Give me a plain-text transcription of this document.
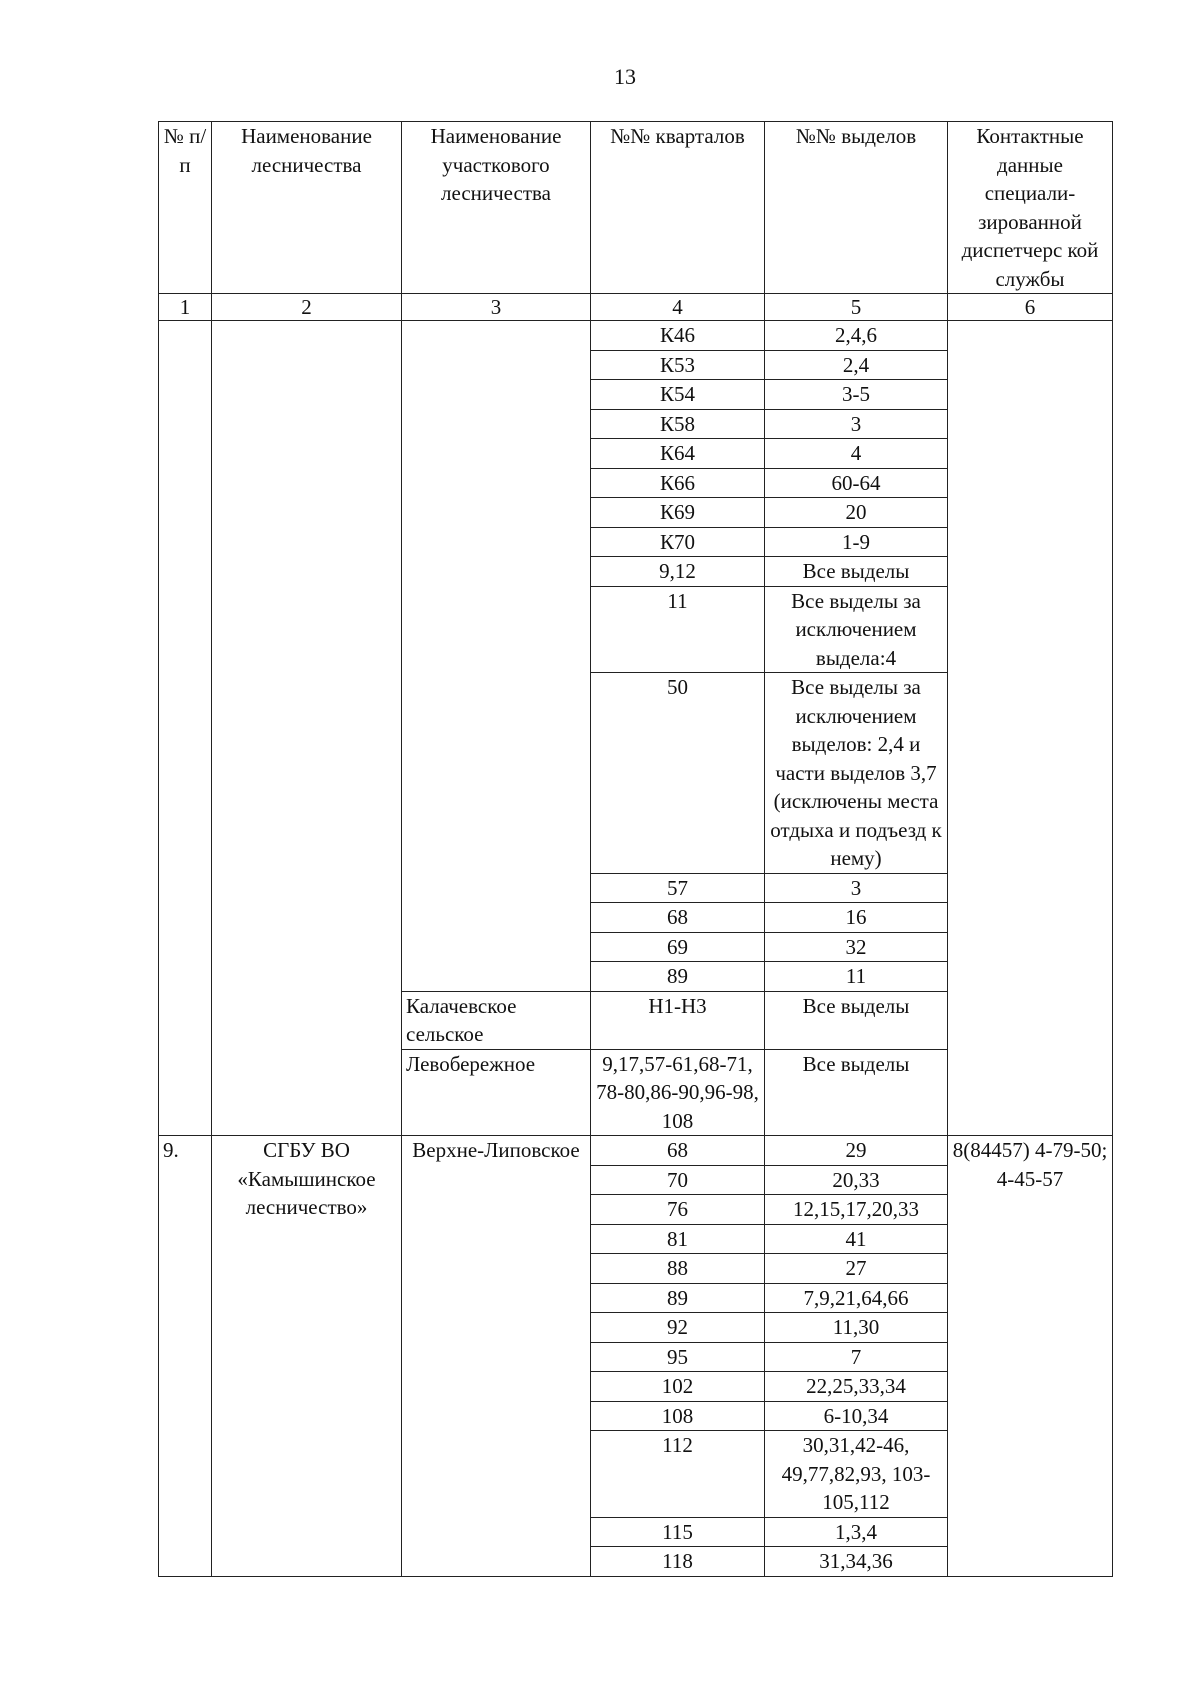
13
№ п/п	Наименование лесничества	Наименование участкового лесничества	№№ кварталов	№№ выделов	Контактные данные специали-зированной диспетчерс кой службы
1	2	3	4	5	6
			К46	2,4,6	
			К53	2,4	
			К54	3-5	
			К58	3	
			К64	4	
			К66	60-64	
			К69	20	
			К70	1-9	
			9,12	Все выделы	
			11	Все выделы за исключением выдела:4	
			50	Все выделы за исключением выделов: 2,4 и части выделов 3,7 (исключены места отдыха и подъезд к нему)	
			57	3	
			68	16	
			69	32	
			89	11	
		Калачевское сельское	Н1-Н3	Все выделы	
		Левобережное	9,17,57-61,68-71, 78-80,86-90,96-98, 108	Все выделы	
9.	СГБУ ВО «Камышинское лесничество»	Верхне-Липовское	68	29	8(84457) 4-79-50; 4-45-57
			70	20,33	
			76	12,15,17,20,33	
			81	41	
			88	27	
			89	7,9,21,64,66	
			92	11,30	
			95	7	
			102	22,25,33,34	
			108	6-10,34	
			112	30,31,42-46, 49,77,82,93, 103-105,112	
			115	1,3,4	
			118	31,34,36	
